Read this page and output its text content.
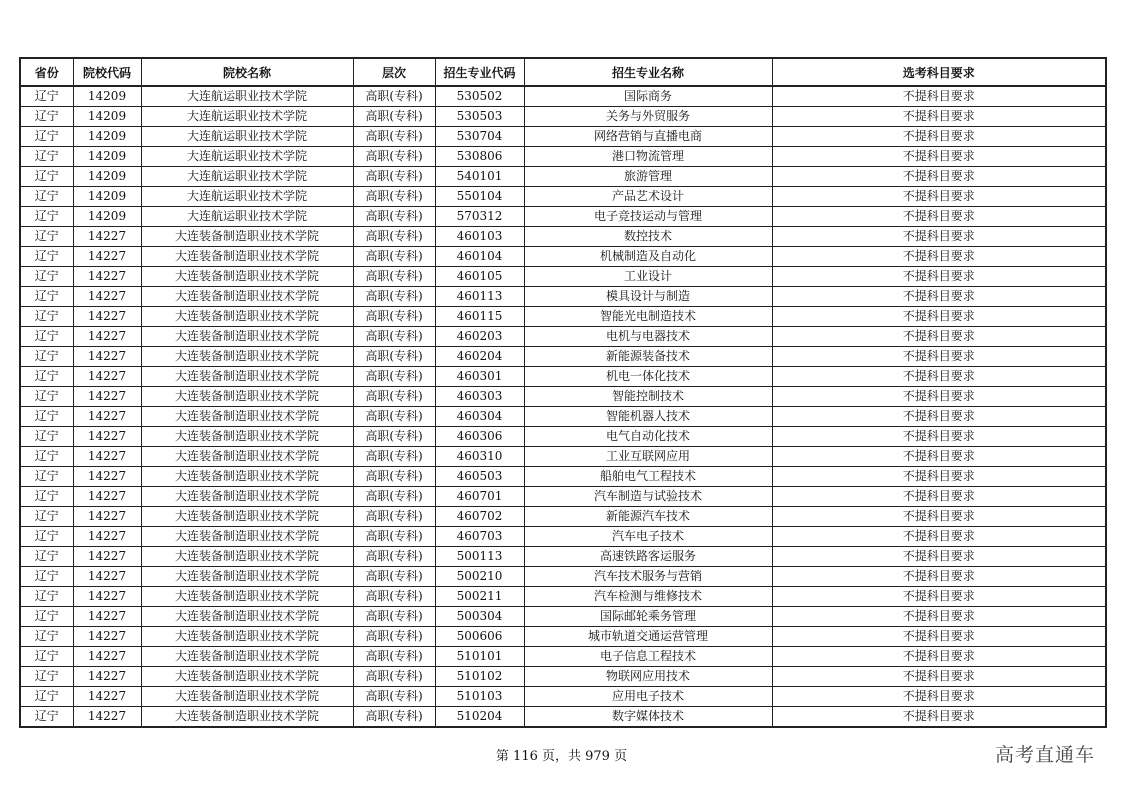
省份	院校代码	院校名称	层次	招生专业代码	招生专业名称	选考科目要求
辽宁	14209	大连航运职业技术学院	高职(专科)	530502	国际商务	不提科目要求
辽宁	14209	大连航运职业技术学院	高职(专科)	530503	关务与外贸服务	不提科目要求
辽宁	14209	大连航运职业技术学院	高职(专科)	530704	网络营销与直播电商	不提科目要求
辽宁	14209	大连航运职业技术学院	高职(专科)	530806	港口物流管理	不提科目要求
辽宁	14209	大连航运职业技术学院	高职(专科)	540101	旅游管理	不提科目要求
辽宁	14209	大连航运职业技术学院	高职(专科)	550104	产品艺术设计	不提科目要求
辽宁	14209	大连航运职业技术学院	高职(专科)	570312	电子竞技运动与管理	不提科目要求
辽宁	14227	大连装备制造职业技术学院	高职(专科)	460103	数控技术	不提科目要求
辽宁	14227	大连装备制造职业技术学院	高职(专科)	460104	机械制造及自动化	不提科目要求
辽宁	14227	大连装备制造职业技术学院	高职(专科)	460105	工业设计	不提科目要求
辽宁	14227	大连装备制造职业技术学院	高职(专科)	460113	模具设计与制造	不提科目要求
辽宁	14227	大连装备制造职业技术学院	高职(专科)	460115	智能光电制造技术	不提科目要求
辽宁	14227	大连装备制造职业技术学院	高职(专科)	460203	电机与电器技术	不提科目要求
辽宁	14227	大连装备制造职业技术学院	高职(专科)	460204	新能源装备技术	不提科目要求
辽宁	14227	大连装备制造职业技术学院	高职(专科)	460301	机电一体化技术	不提科目要求
辽宁	14227	大连装备制造职业技术学院	高职(专科)	460303	智能控制技术	不提科目要求
辽宁	14227	大连装备制造职业技术学院	高职(专科)	460304	智能机器人技术	不提科目要求
辽宁	14227	大连装备制造职业技术学院	高职(专科)	460306	电气自动化技术	不提科目要求
辽宁	14227	大连装备制造职业技术学院	高职(专科)	460310	工业互联网应用	不提科目要求
辽宁	14227	大连装备制造职业技术学院	高职(专科)	460503	船舶电气工程技术	不提科目要求
辽宁	14227	大连装备制造职业技术学院	高职(专科)	460701	汽车制造与试验技术	不提科目要求
辽宁	14227	大连装备制造职业技术学院	高职(专科)	460702	新能源汽车技术	不提科目要求
辽宁	14227	大连装备制造职业技术学院	高职(专科)	460703	汽车电子技术	不提科目要求
辽宁	14227	大连装备制造职业技术学院	高职(专科)	500113	高速铁路客运服务	不提科目要求
辽宁	14227	大连装备制造职业技术学院	高职(专科)	500210	汽车技术服务与营销	不提科目要求
辽宁	14227	大连装备制造职业技术学院	高职(专科)	500211	汽车检测与维修技术	不提科目要求
辽宁	14227	大连装备制造职业技术学院	高职(专科)	500304	国际邮轮乘务管理	不提科目要求
辽宁	14227	大连装备制造职业技术学院	高职(专科)	500606	城市轨道交通运营管理	不提科目要求
辽宁	14227	大连装备制造职业技术学院	高职(专科)	510101	电子信息工程技术	不提科目要求
辽宁	14227	大连装备制造职业技术学院	高职(专科)	510102	物联网应用技术	不提科目要求
辽宁	14227	大连装备制造职业技术学院	高职(专科)	510103	应用电子技术	不提科目要求
辽宁	14227	大连装备制造职业技术学院	高职(专科)	510204	数字媒体技术	不提科目要求
第 116 页，共 979 页	高考直通车
